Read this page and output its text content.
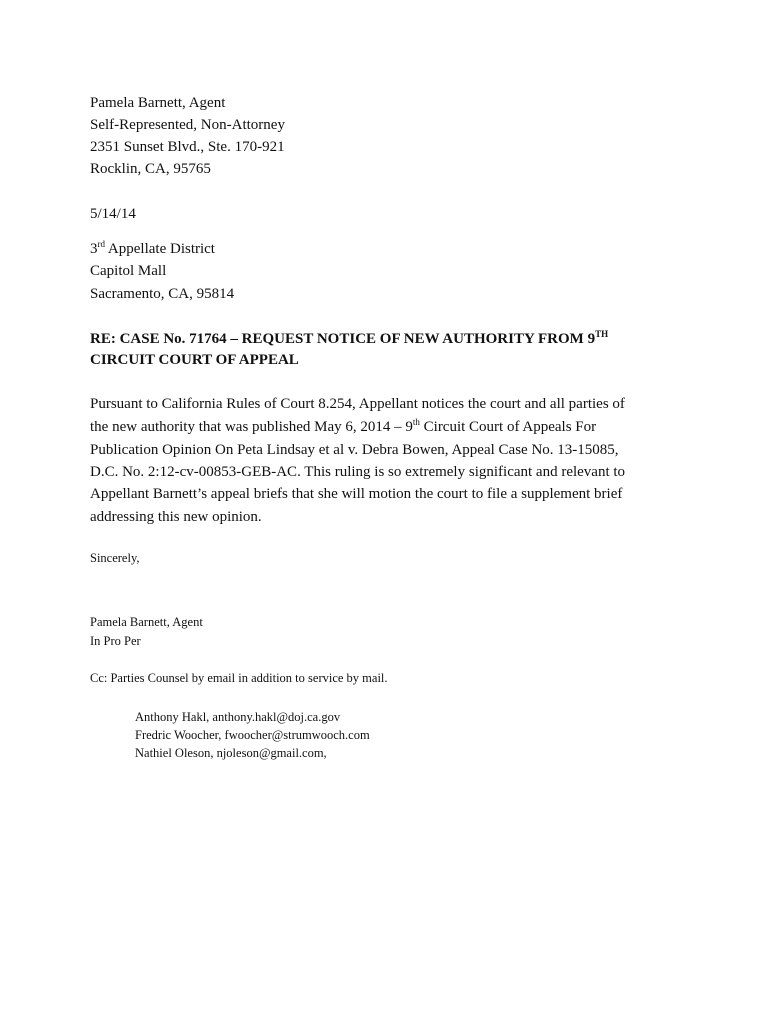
Pamela Barnett, Agent
Self-Represented, Non-Attorney
2351 Sunset Blvd., Ste. 170-921
Rocklin, CA, 95765
5/14/14
3rd Appellate District
Capitol Mall
Sacramento, CA, 95814
RE: CASE No. 71764 – REQUEST NOTICE OF NEW AUTHORITY FROM 9TH
CIRCUIT COURT OF APPEAL
Pursuant to California Rules of Court 8.254, Appellant notices the court and all parties of
the new authority that was published May 6, 2014 – 9th Circuit Court of Appeals For
Publication Opinion On Peta Lindsay et al v. Debra Bowen, Appeal Case No. 13-15085,
D.C. No. 2:12-cv-00853-GEB-AC. This ruling is so extremely significant and relevant to
Appellant Barnett’s appeal briefs that she will motion the court to file a supplement brief
addressing this new opinion.
Sincerely,
Pamela Barnett, Agent
In Pro Per
Cc: Parties Counsel by email in addition to service by mail.
Anthony Hakl, anthony.hakl@doj.ca.gov
Fredric Woocher, fwoocher@strumwooch.com
Nathiel Oleson, njoleson@gmail.com,
